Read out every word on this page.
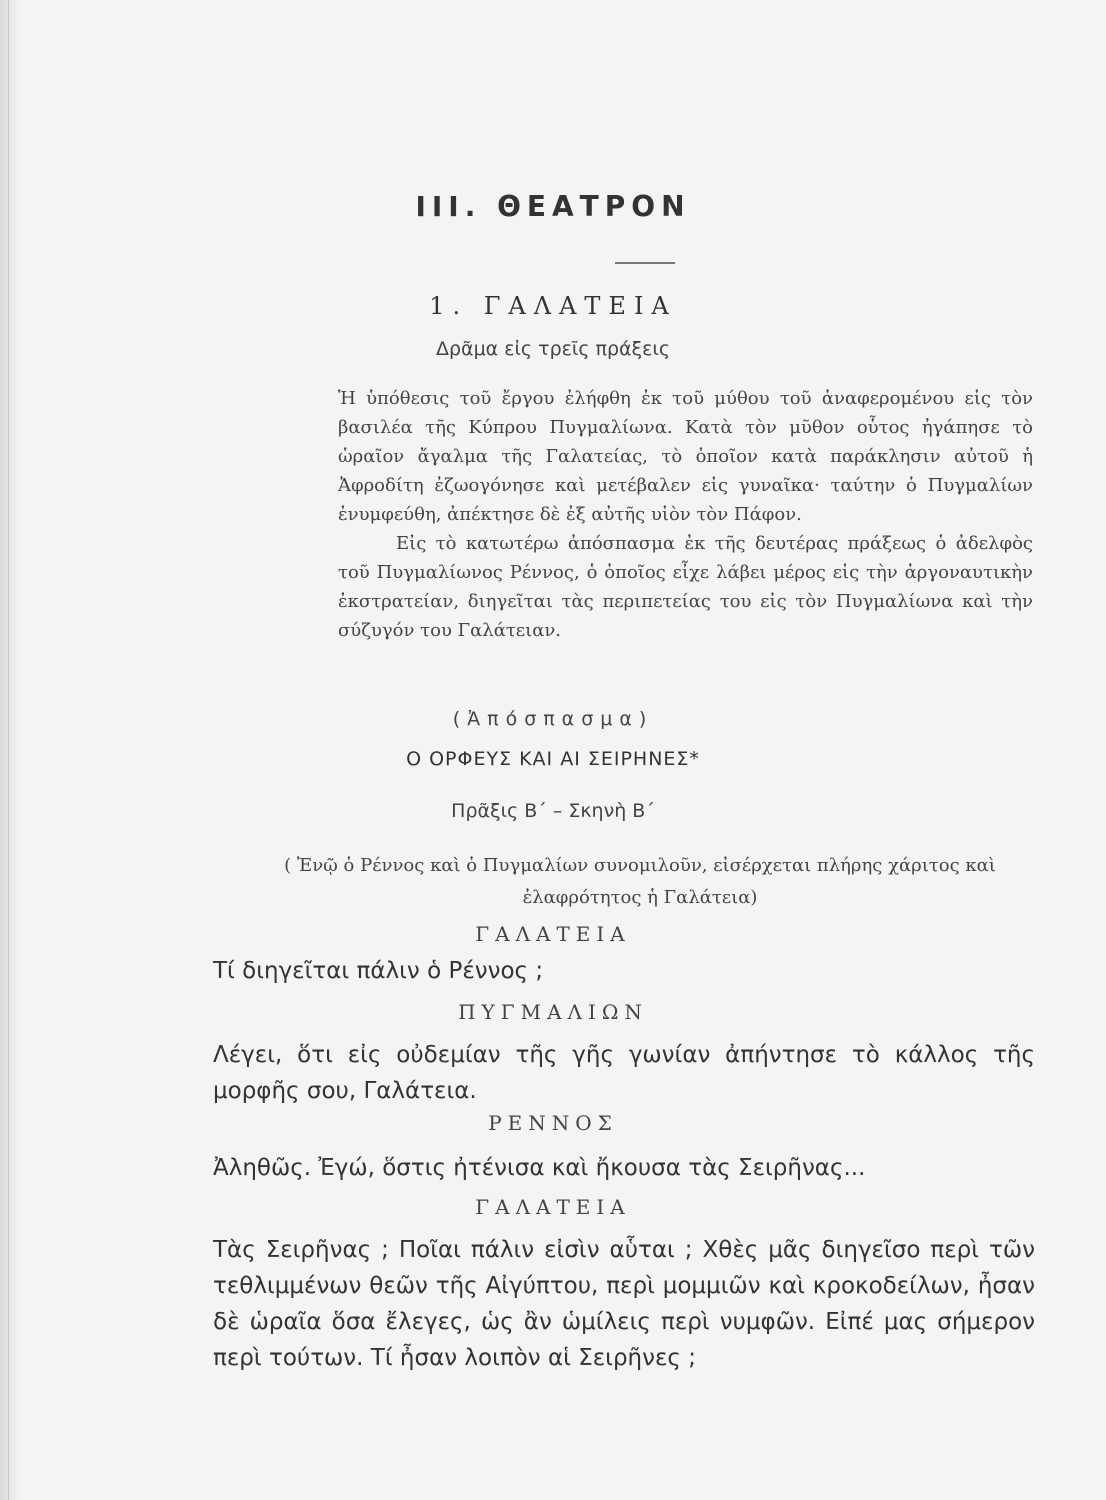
III. ΘΕΑΤΡΟΝ
1. ΓΑΛΑΤΕΙΑ
Δρᾶμα εἰς τρεῖς πράξεις

Ἡ ὑπόθεσις τοῦ ἔργου ἐλήφθη ἐκ τοῦ μύθου τοῦ ἀναφερομένου εἰς τὸν βασιλέα τῆς Κύπρου Πυγμαλίωνα. Κατὰ τὸν μῦθον οὗτος ἠγάπησε τὸ ὡραῖον ἄγαλμα τῆς Γαλατείας, τὸ ὁποῖον κατὰ παράκλησιν αὐτοῦ ἡ Ἀφροδίτη ἐζωογόνησε καὶ μετέβαλεν εἰς γυναῖκα· ταύτην ὁ Πυγμαλίων ἐνυμφεύθη, ἀπέκτησε δὲ ἐξ αὐτῆς υἱὸν τὸν Πάφον.

Εἰς τὸ κατωτέρω ἀπόσπασμα ἐκ τῆς δευτέρας πράξεως ὁ ἀδελφὸς τοῦ Πυγμαλίωνος Ρέννος, ὁ ὁποῖος εἶχε λάβει μέρος εἰς τὴν ἀργοναυτικὴν ἐκστρατείαν, διηγεῖται τὰς περιπετείας του εἰς τὸν Πυγμαλίωνα καὶ τὴν σύζυγόν του Γαλάτειαν.

(Ἀπόσπασμα)
Ο ΟΡΦΕΥΣ ΚΑΙ ΑΙ ΣΕΙΡΗΝΕΣ*
Πρᾶξις Β΄ – Σκηνὴ Β΄
( Ἐνῷ ὁ Ρέννος καὶ ὁ Πυγμαλίων συνομιλοῦν, εἰσέρχεται πλήρης χάριτος καὶ ἐλαφρότητος ἡ Γαλάτεια)
ΓΑΛΑΤΕΙΑ
Τί διηγεῖται πάλιν ὁ Ρέννος ;
ΠΥΓΜΑΛΙΩΝ
Λέγει, ὅτι εἰς οὐδεμίαν τῆς γῆς γωνίαν ἀπήντησε τὸ κάλλος τῆς μορφῆς σου, Γαλάτεια.
ΡΕΝΝΟΣ
Ἀληθῶς. Ἐγώ, ὅστις ἠτένισα καὶ ἤκουσα τὰς Σειρῆνας...
ΓΑΛΑΤΕΙΑ
Τὰς Σειρῆνας ; Ποῖαι πάλιν εἰσὶν αὗται ; Χθὲς μᾶς διηγεῖσο περὶ τῶν τεθλιμμένων θεῶν τῆς Αἰγύπτου, περὶ μομμιῶν καὶ κροκοδείλων, ἦσαν δὲ ὡραῖα ὅσα ἔλεγες, ὡς ἂν ὡμίλεις περὶ νυμφῶν. Εἰπέ μας σήμερον περὶ τούτων. Τί ἦσαν λοιπὸν αἱ Σειρῆνες ;
